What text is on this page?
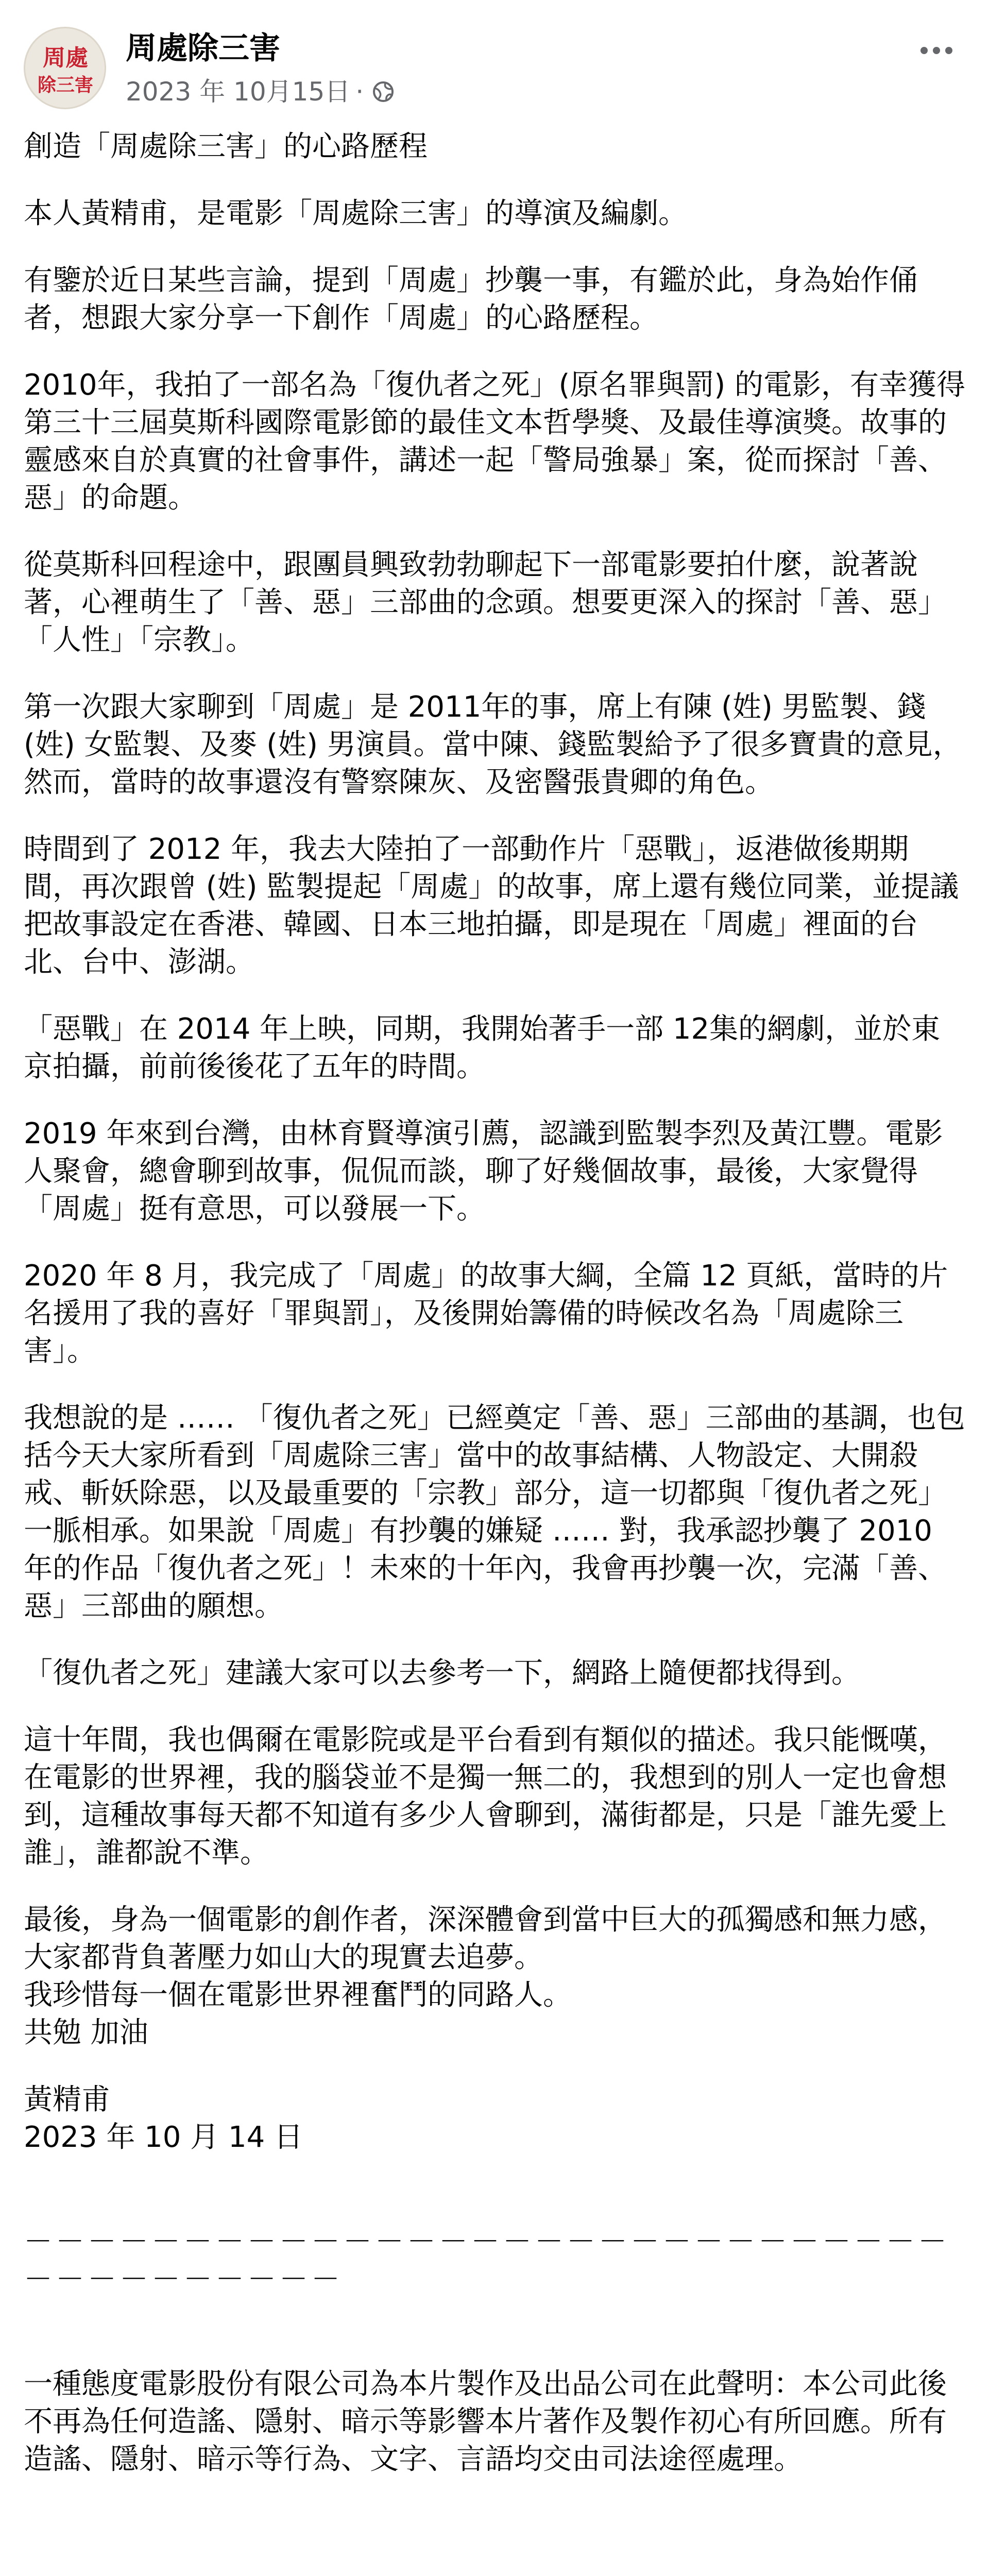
周處
除三害
周處除三害
2023 年 10月15日 ·

創造「周處除三害」的心路歷程

本人黃精甫，是電影「周處除三害」的導演及編劇。

有鑒於近日某些言論，提到「周處」抄襲一事，有鑑於此，身為始作俑者，想跟大家分享一下創作「周處」的心路歷程。

2010年，我拍了一部名為「復仇者之死」(原名罪與罰) 的電影，有幸獲得第三十三屆莫斯科國際電影節的最佳文本哲學獎、及最佳導演獎。故事的靈感來自於真實的社會事件，講述一起「警局強暴」案，從而探討「善、惡」的命題。

從莫斯科回程途中，跟團員興致勃勃聊起下一部電影要拍什麼，說著說著，心裡萌生了「善、惡」三部曲的念頭。想要更深入的探討「善、惡」「人性」「宗教」。

第一次跟大家聊到「周處」是 2011年的事，席上有陳 (姓) 男監製、錢 (姓) 女監製、及麥 (姓) 男演員。當中陳、錢監製給予了很多寶貴的意見，然而，當時的故事還沒有警察陳灰、及密醫張貴卿的角色。

時間到了 2012 年，我去大陸拍了一部動作片「惡戰」，返港做後期期間，再次跟曾 (姓) 監製提起「周處」的故事，席上還有幾位同業，並提議把故事設定在香港、韓國、日本三地拍攝，即是現在「周處」裡面的台北、台中、澎湖。

「惡戰」在 2014 年上映，同期，我開始著手一部 12集的網劇，並於東京拍攝，前前後後花了五年的時間。

2019 年來到台灣，由林育賢導演引薦，認識到監製李烈及黃江豐。電影人聚會，總會聊到故事，侃侃而談，聊了好幾個故事，最後，大家覺得「周處」挺有意思，可以發展一下。

2020 年 8 月，我完成了「周處」的故事大綱，全篇 12 頁紙，當時的片名援用了我的喜好「罪與罰」，及後開始籌備的時候改名為「周處除三害」。

我想說的是 …… 「復仇者之死」已經奠定「善、惡」三部曲的基調，也包括今天大家所看到「周處除三害」當中的故事結構、人物設定、大開殺戒、斬妖除惡，以及最重要的「宗教」部分，這一切都與「復仇者之死」一脈相承。如果說「周處」有抄襲的嫌疑 …… 對，我承認抄襲了 2010 年的作品「復仇者之死」！未來的十年內，我會再抄襲一次，完滿「善、惡」三部曲的願想。

「復仇者之死」建議大家可以去參考一下，網路上隨便都找得到。

這十年間，我也偶爾在電影院或是平台看到有類似的描述。我只能慨嘆，在電影的世界裡，我的腦袋並不是獨一無二的，我想到的別人一定也會想到，這種故事每天都不知道有多少人會聊到，滿街都是，只是「誰先愛上誰」，誰都說不準。

最後，身為一個電影的創作者，深深體會到當中巨大的孤獨感和無力感，大家都背負著壓力如山大的現實去追夢。

我珍惜每一個在電影世界裡奮鬥的同路人。

共勉 加油

黃精甫

2023 年 10 月 14 日

－－－－－－－－－－－－－－－－－－－－－－－－－－－－－－－－－－－－－－－

一種態度電影股份有限公司為本片製作及出品公司在此聲明：本公司此後不再為任何造謠、隱射、暗示等影響本片著作及製作初心有所回應。所有造謠、隱射、暗示等行為、文字、言語均交由司法途徑處理。
